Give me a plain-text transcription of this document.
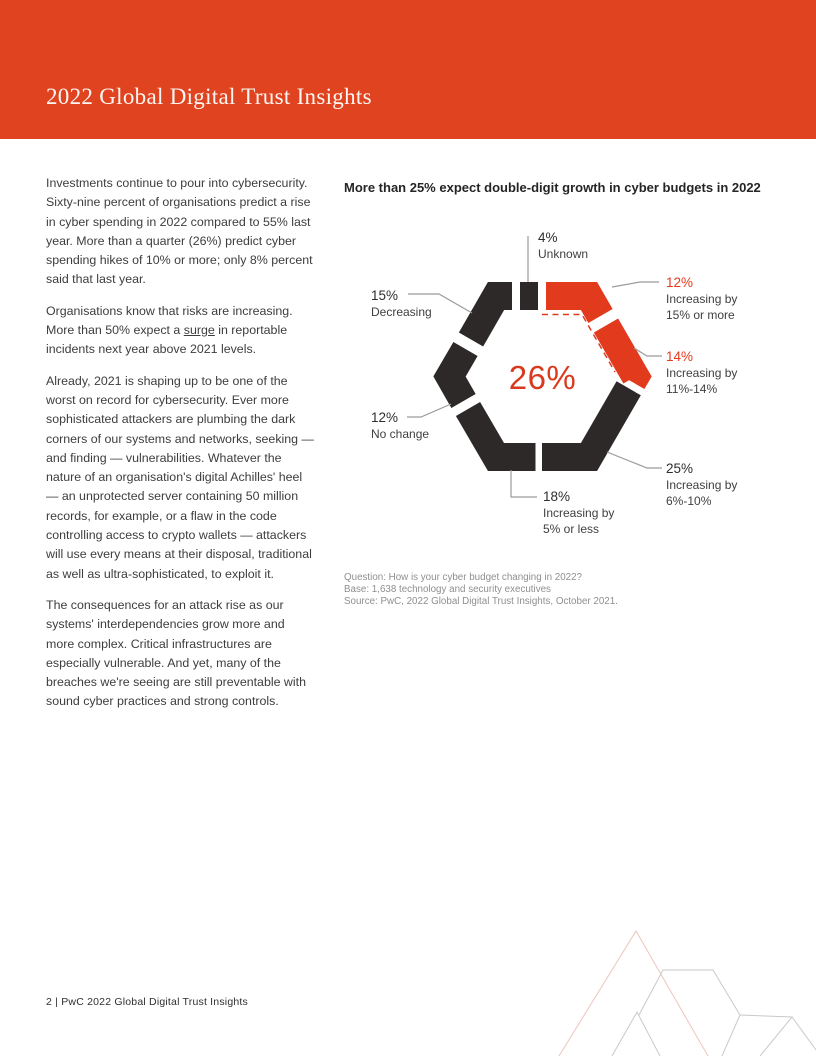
2022 Global Digital Trust Insights

Investments continue to pour into cybersecurity. Sixty-nine percent of organisations predict a rise in cyber spending in 2022 compared to 55% last year. More than a quarter (26%) predict cyber spending hikes of 10% or more; only 8% percent said that last year.

Organisations know that risks are increasing. More than 50% expect a surge in reportable incidents next year above 2021 levels.

Already, 2021 is shaping up to be one of the worst on record for cybersecurity. Ever more sophisticated attackers are plumbing the dark corners of our systems and networks, seeking — and finding — vulnerabilities. Whatever the nature of an organisation's digital Achilles' heel — an unprotected server containing 50 million records, for example, or a flaw in the code controlling access to crypto wallets — attackers will use every means at their disposal, traditional as well as ultra-sophisticated, to exploit it.

The consequences for an attack rise as our systems' interdependencies grow more and more complex. Critical infrastructures are especially vulnerable. And yet, many of the breaches we're seeing are still preventable with sound cyber practices and strong controls.

More than 25% expect double-digit growth in cyber budgets in 2022
26%
4%
Unknown
12%
Increasing by
15% or more
14%
Increasing by
11%-14%
25%
Increasing by
6%-10%
18%
Increasing by
5% or less
12%
No change
15%
Decreasing
Question: How is your cyber budget changing in 2022?
Base: 1,638 technology and security executives
Source: PwC, 2022 Global Digital Trust Insights, October 2021.
2 | PwC 2022 Global Digital Trust Insights
